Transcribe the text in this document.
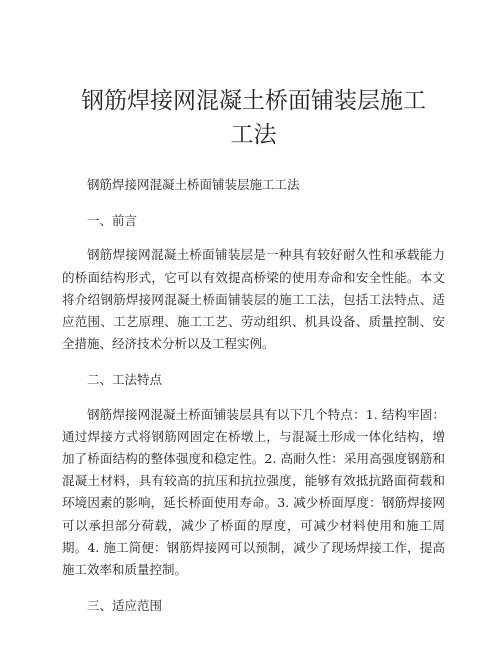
钢筋焊接网混凝土桥面铺装层施工
工法

钢筋焊接网混凝土桥面铺装层施工工法

一、前言

钢筋焊接网混凝土桥面铺装层是一种具有较好耐久性和承载能力的桥面结构形式，它可以有效提高桥梁的使用寿命和安全性能。本文将介绍钢筋焊接网混凝土桥面铺装层的施工工法，包括工法特点、适应范围、工艺原理、施工工艺、劳动组织、机具设备、质量控制、安全措施、经济技术分析以及工程实例。

二、工法特点

钢筋焊接网混凝土桥面铺装层具有以下几个特点：1. 结构牢固：通过焊接方式将钢筋网固定在桥墩上，与混凝土形成一体化结构，增加了桥面结构的整体强度和稳定性。2. 高耐久性：采用高强度钢筋和混凝土材料，具有较高的抗压和抗拉强度，能够有效抵抗路面荷载和环境因素的影响，延长桥面使用寿命。3. 减少桥面厚度：钢筋焊接网可以承担部分荷载，减少了桥面的厚度，可减少材料使用和施工周期。4. 施工简便：钢筋焊接网可以预制，减少了现场焊接工作，提高施工效率和质量控制。

三、适应范围
